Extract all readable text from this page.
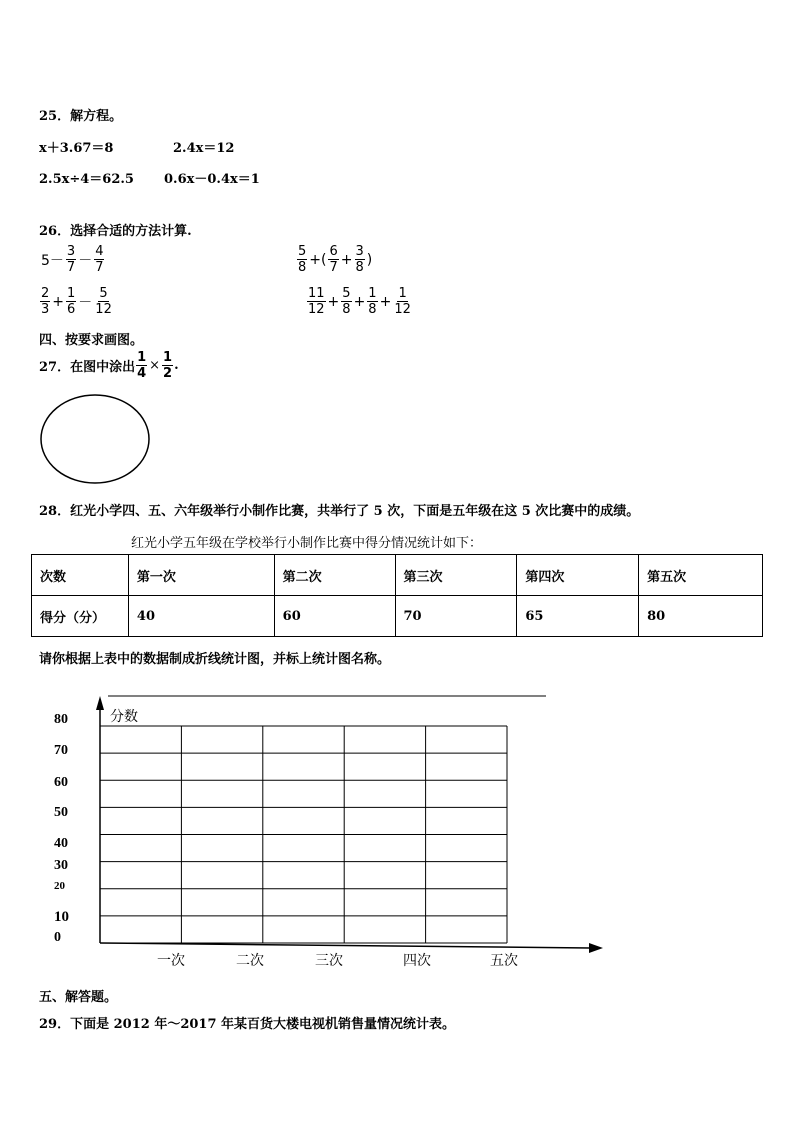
25．解方程。
x＋3.67＝8	2.4x＝12
2.5x÷4＝62.5 0.6x－0.4x＝1
26．选择合适的方法计算.
$5- \frac{3}{7} - \frac{4}{7}$	$\frac{5}{8}$ +( $\frac{6}{7} + \frac{3}{8}$ )
$\frac{2}{3} + \frac{1}{6} - \frac{5}{12}$	$\frac{11}{12} + \frac{5}{8} + \frac{1}{8} + \frac{1}{12}$
四、按要求画图。
27．在图中涂出 $\frac{1}{4} \times \frac{1}{2}$ .
28．红光小学四、五、六年级举行小制作比赛，共举行了 5 次，下面是五年级在这 5 次比赛中的成绩。
红光小学五年级在学校举行小制作比赛中得分情况统计如下：
次数	第一次	第二次	第三次	第四次	第五次
得分（分）	40	60	70	65	80
请你根据上表中的数据制成折线统计图，并标上统计图名称。
分数
80
70
60
50
40
30
20
10
0
一次	二次	三次	四次	五次
五、解答题。
29．下面是 2012 年～2017 年某百货大楼电视机销售量情况统计表。
